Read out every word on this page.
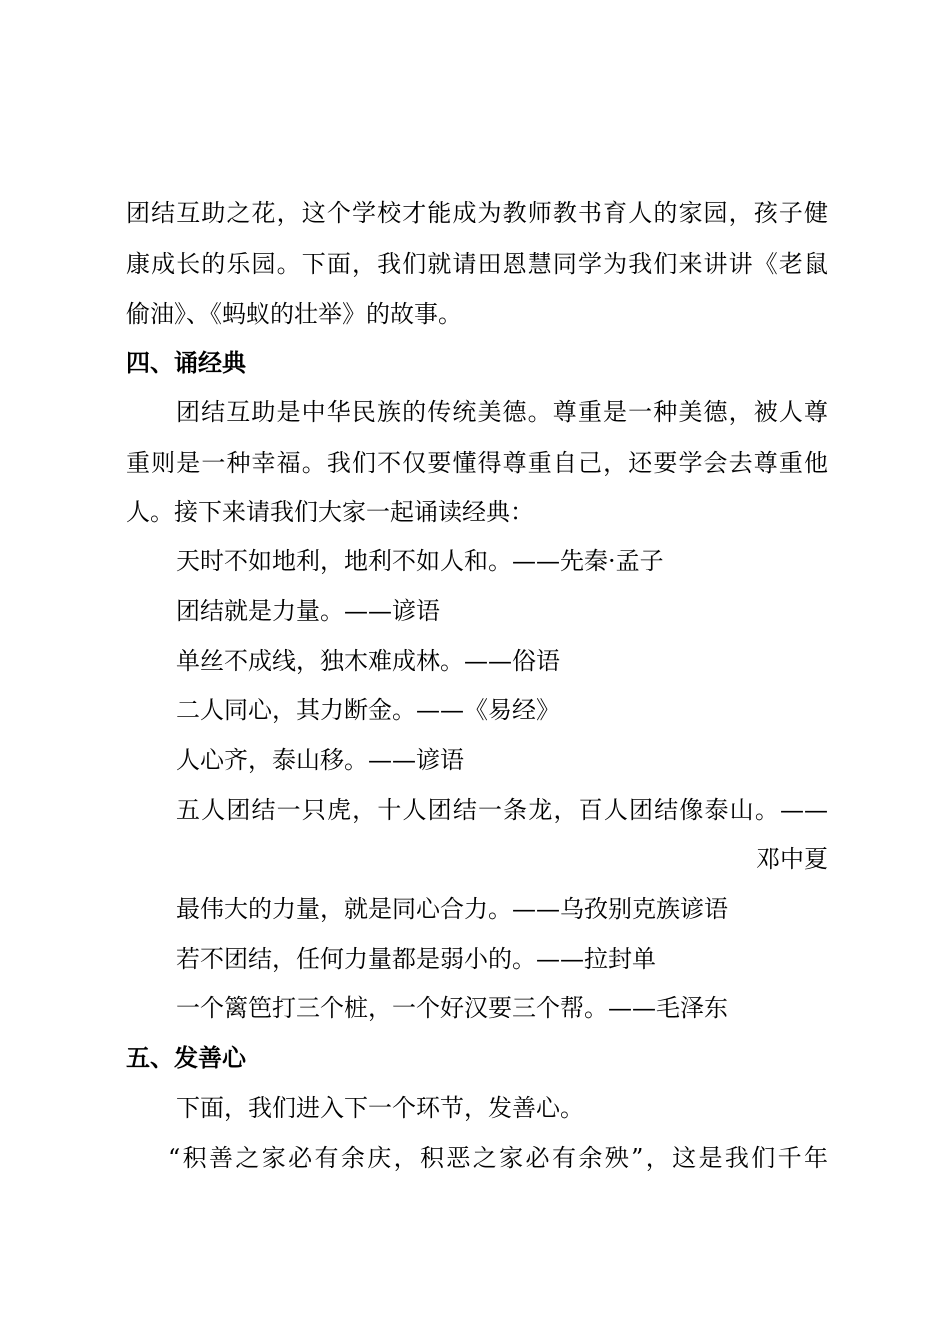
团结互助之花，这个学校才能成为教师教书育人的家园，孩子健
康成长的乐园。下面，我们就请田恩慧同学为我们来讲讲《老鼠
偷油》、《蚂蚁的壮举》的故事。
四、诵经典
团结互助是中华民族的传统美德。尊重是一种美德，被人尊
重则是一种幸福。我们不仅要懂得尊重自己，还要学会去尊重他
人。接下来请我们大家一起诵读经典：
天时不如地利，地利不如人和。——先秦·孟子
团结就是力量。——谚语
单丝不成线，独木难成林。——俗语
二人同心，其力断金。——《易经》
人心齐，泰山移。——谚语
五人团结一只虎，十人团结一条龙，百人团结像泰山。——
邓中夏
最伟大的力量，就是同心合力。——乌孜别克族谚语
若不团结，任何力量都是弱小的。——拉封单
一个篱笆打三个桩，一个好汉要三个帮。——毛泽东
五、发善心
下面，我们进入下一个环节，发善心。
“积善之家必有余庆，积恶之家必有余殃”，这是我们千年
